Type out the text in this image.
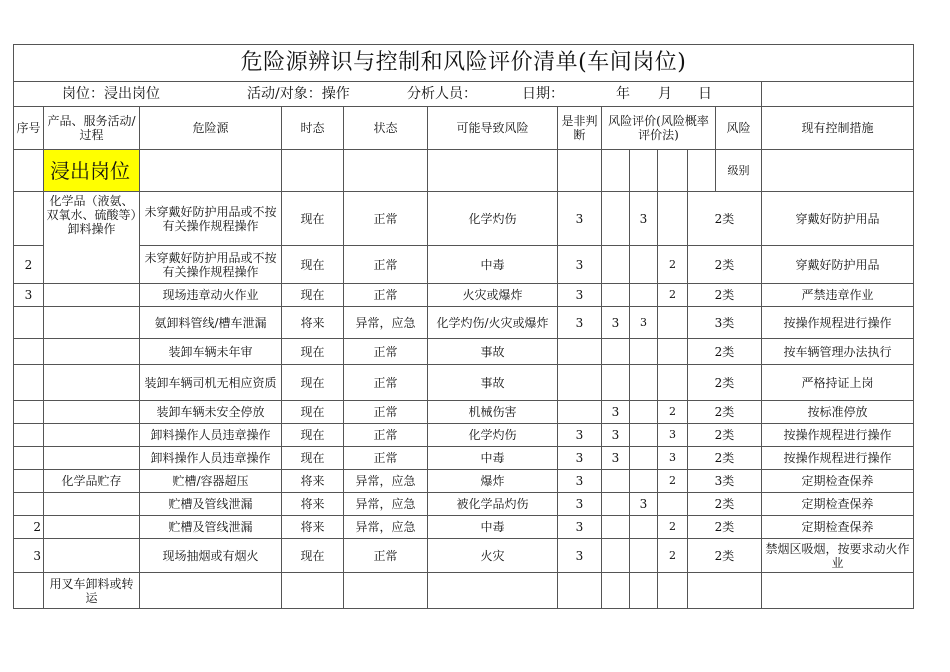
危险源辨识与控制和风险评价清单(车间岗位)												
岗位：浸出岗位 活动/对象：操作 分析人员： 日期： 年 月 日												
序号	产品、服务活动/过程	危险源	时态	状态	可能导致风险	是非判断	风险评价(风险概率评价法)				风险	现有控制措施
	浸出岗位										级别	
	化学品（液氨、双氧水、硫酸等）卸料操作	未穿戴好防护用品或不按有关操作规程操作	现在	正常	化学灼伤	3		3		2类		穿戴好防护用品
2		未穿戴好防护用品或不按有关操作规程操作	现在	正常	中毒	3			2	2类		穿戴好防护用品
3		现场违章动火作业	现在	正常	火灾或爆炸	3			2	2类		严禁违章作业
		氨卸料管线/槽车泄漏	将来	异常，应急	化学灼伤/火灾或爆炸	3	3	3		3类		按操作规程进行操作
		装卸车辆未年审	现在	正常	事故					2类		按车辆管理办法执行
		装卸车辆司机无相应资质	现在	正常	事故					2类		严格持证上岗
		装卸车辆未安全停放	现在	正常	机械伤害		3		2	2类		按标准停放
		卸料操作人员违章操作	现在	正常	化学灼伤	3	3		3	2类		按操作规程进行操作
		卸料操作人员违章操作	现在	正常	中毒	3	3		3	2类		按操作规程进行操作
	化学品贮存	贮槽/容器超压	将来	异常，应急	爆炸	3			2	3类		定期检查保养
		贮槽及管线泄漏	将来	异常，应急	被化学品灼伤	3		3		2类		定期检查保养
2		贮槽及管线泄漏	将来	异常，应急	中毒	3			2	2类		定期检查保养
3		现场抽烟或有烟火	现在	正常	火灾	3			2	2类		禁烟区吸烟，按要求动火作业
	用叉车卸料或转运											
